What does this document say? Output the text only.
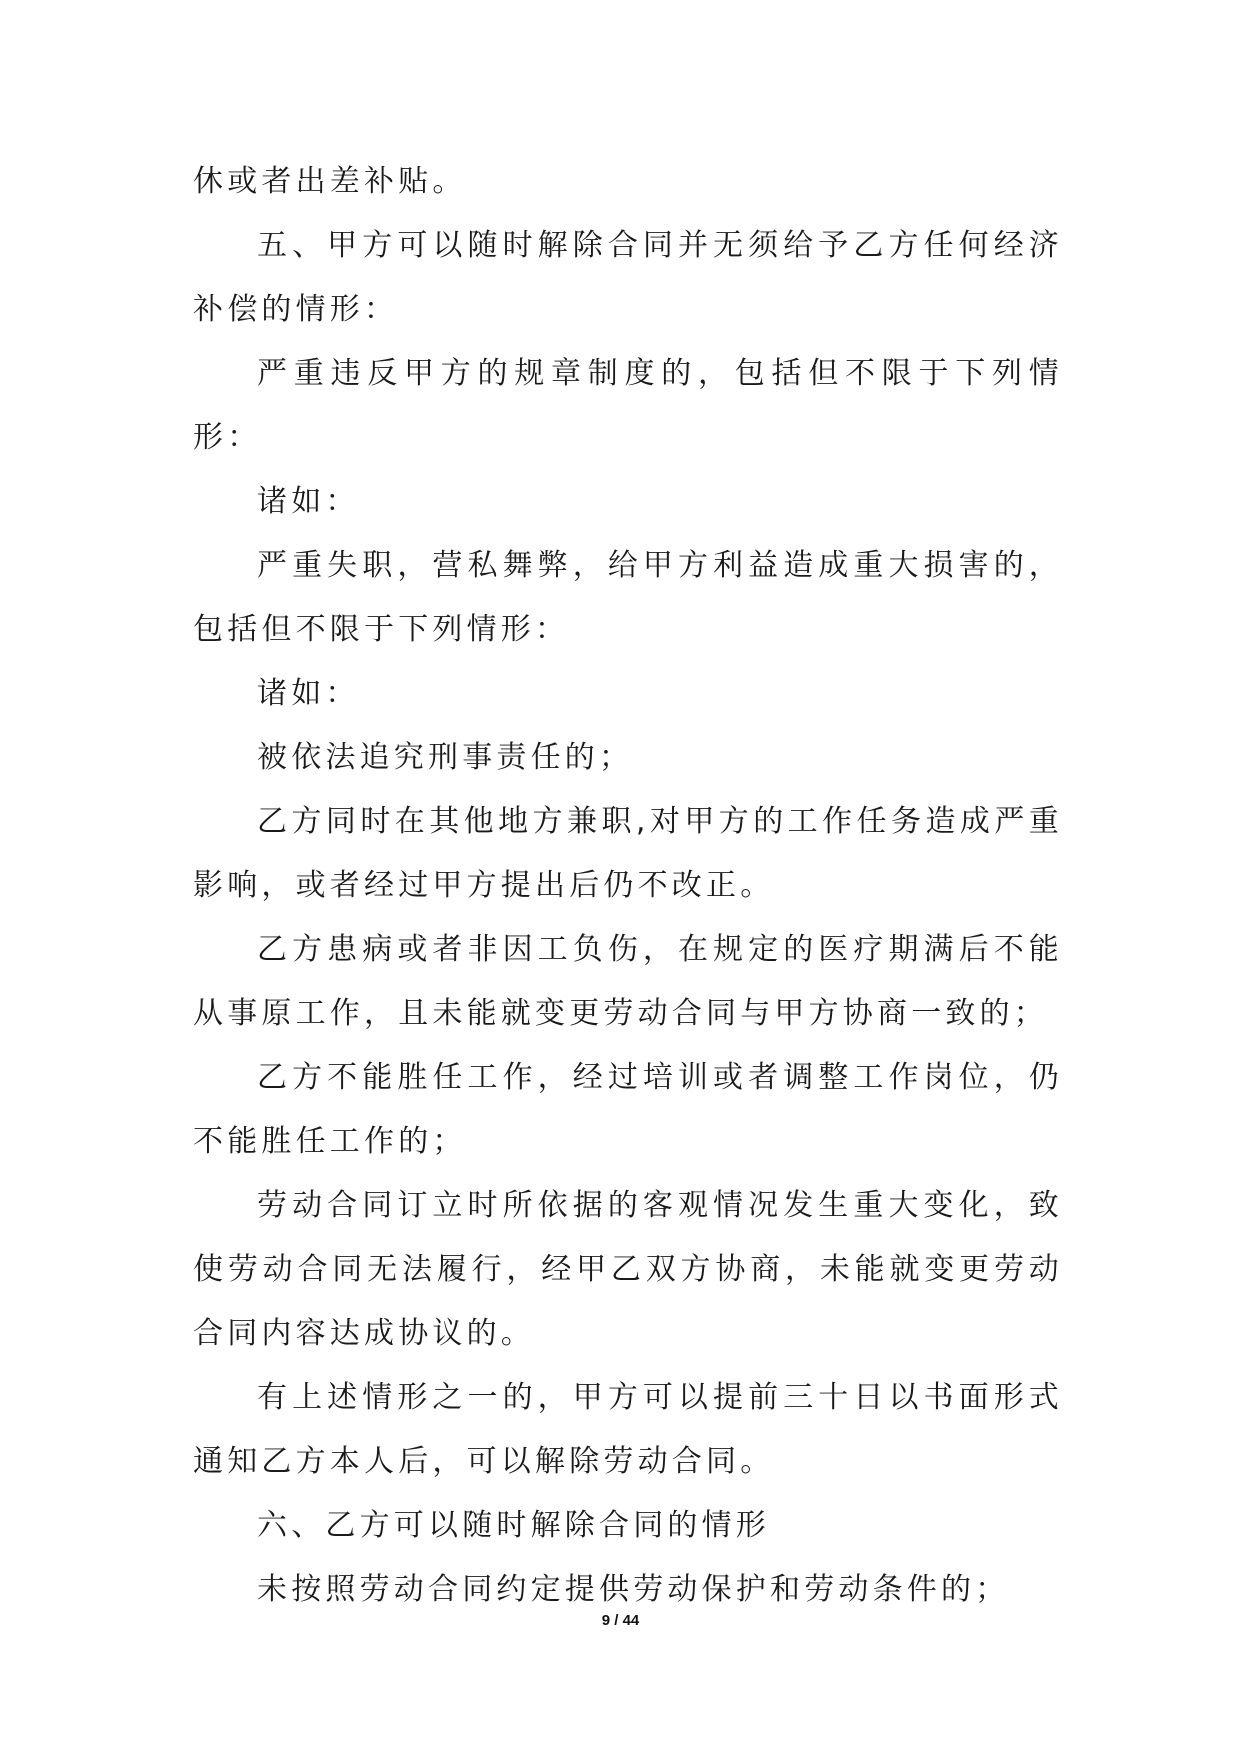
休或者出差补贴。

五、甲方可以随时解除合同并无须给予乙方任何经济补偿的情形：

严重违反甲方的规章制度的，包括但不限于下列情形：

诸如：

严重失职，营私舞弊，给甲方利益造成重大损害的，包括但不限于下列情形：

诸如：

被依法追究刑事责任的；

乙方同时在其他地方兼职,对甲方的工作任务造成严重影响，或者经过甲方提出后仍不改正。

乙方患病或者非因工负伤，在规定的医疗期满后不能从事原工作，且未能就变更劳动合同与甲方协商一致的；

乙方不能胜任工作，经过培训或者调整工作岗位，仍不能胜任工作的；

劳动合同订立时所依据的客观情况发生重大变化，致使劳动合同无法履行，经甲乙双方协商，未能就变更劳动合同内容达成协议的。

有上述情形之一的，甲方可以提前三十日以书面形式通知乙方本人后，可以解除劳动合同。

六、乙方可以随时解除合同的情形

未按照劳动合同约定提供劳动保护和劳动条件的；

9 / 44
